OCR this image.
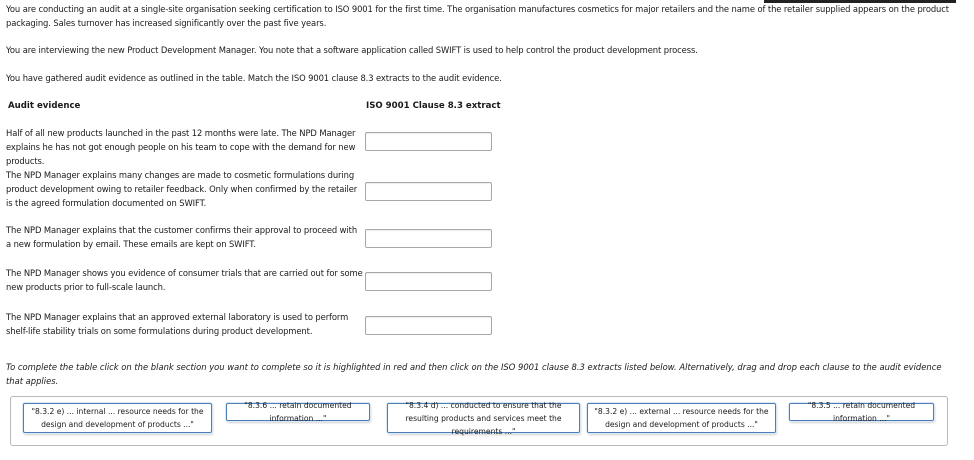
You are conducting an audit at a single-site organisation seeking certification to ISO 9001 for the first time. The organisation manufactures cosmetics for major retailers and the name of the retailer supplied appears on the product packaging. Sales turnover has increased significantly over the past five years.
You are interviewing the new Product Development Manager. You note that a software application called SWIFT is used to help control the product development process.
You have gathered audit evidence as outlined in the table. Match the ISO 9001 clause 8.3 extracts to the audit evidence.
Audit evidence	ISO 9001 Clause 8.3 extract
Half of all new products launched in the past 12 months were late. The NPD Manager explains he has not got enough people on his team to cope with the demand for new products.
The NPD Manager explains many changes are made to cosmetic formulations during product development owing to retailer feedback. Only when confirmed by the retailer is the agreed formulation documented on SWIFT.
The NPD Manager explains that the customer confirms their approval to proceed with a new formulation by email. These emails are kept on SWIFT.
The NPD Manager shows you evidence of consumer trials that are carried out for some new products prior to full-scale launch.
The NPD Manager explains that an approved external laboratory is used to perform shelf-life stability trials on some formulations during product development.
To complete the table click on the blank section you want to complete so it is highlighted in red and then click on the ISO 9001 clause 8.3 extracts listed below. Alternatively, drag and drop each clause to the audit evidence that applies.
"8.3.2 e) ... internal ... resource needs for the design and development of products ..."
"8.3.6 ... retain documented information ..."
"8.3.4 d) ... conducted to ensure that the resulting products and services meet the requirements ..."
"8.3.2 e) ... external ... resource needs for the design and development of products ..."
"8.3.5 ... retain documented information ..."
